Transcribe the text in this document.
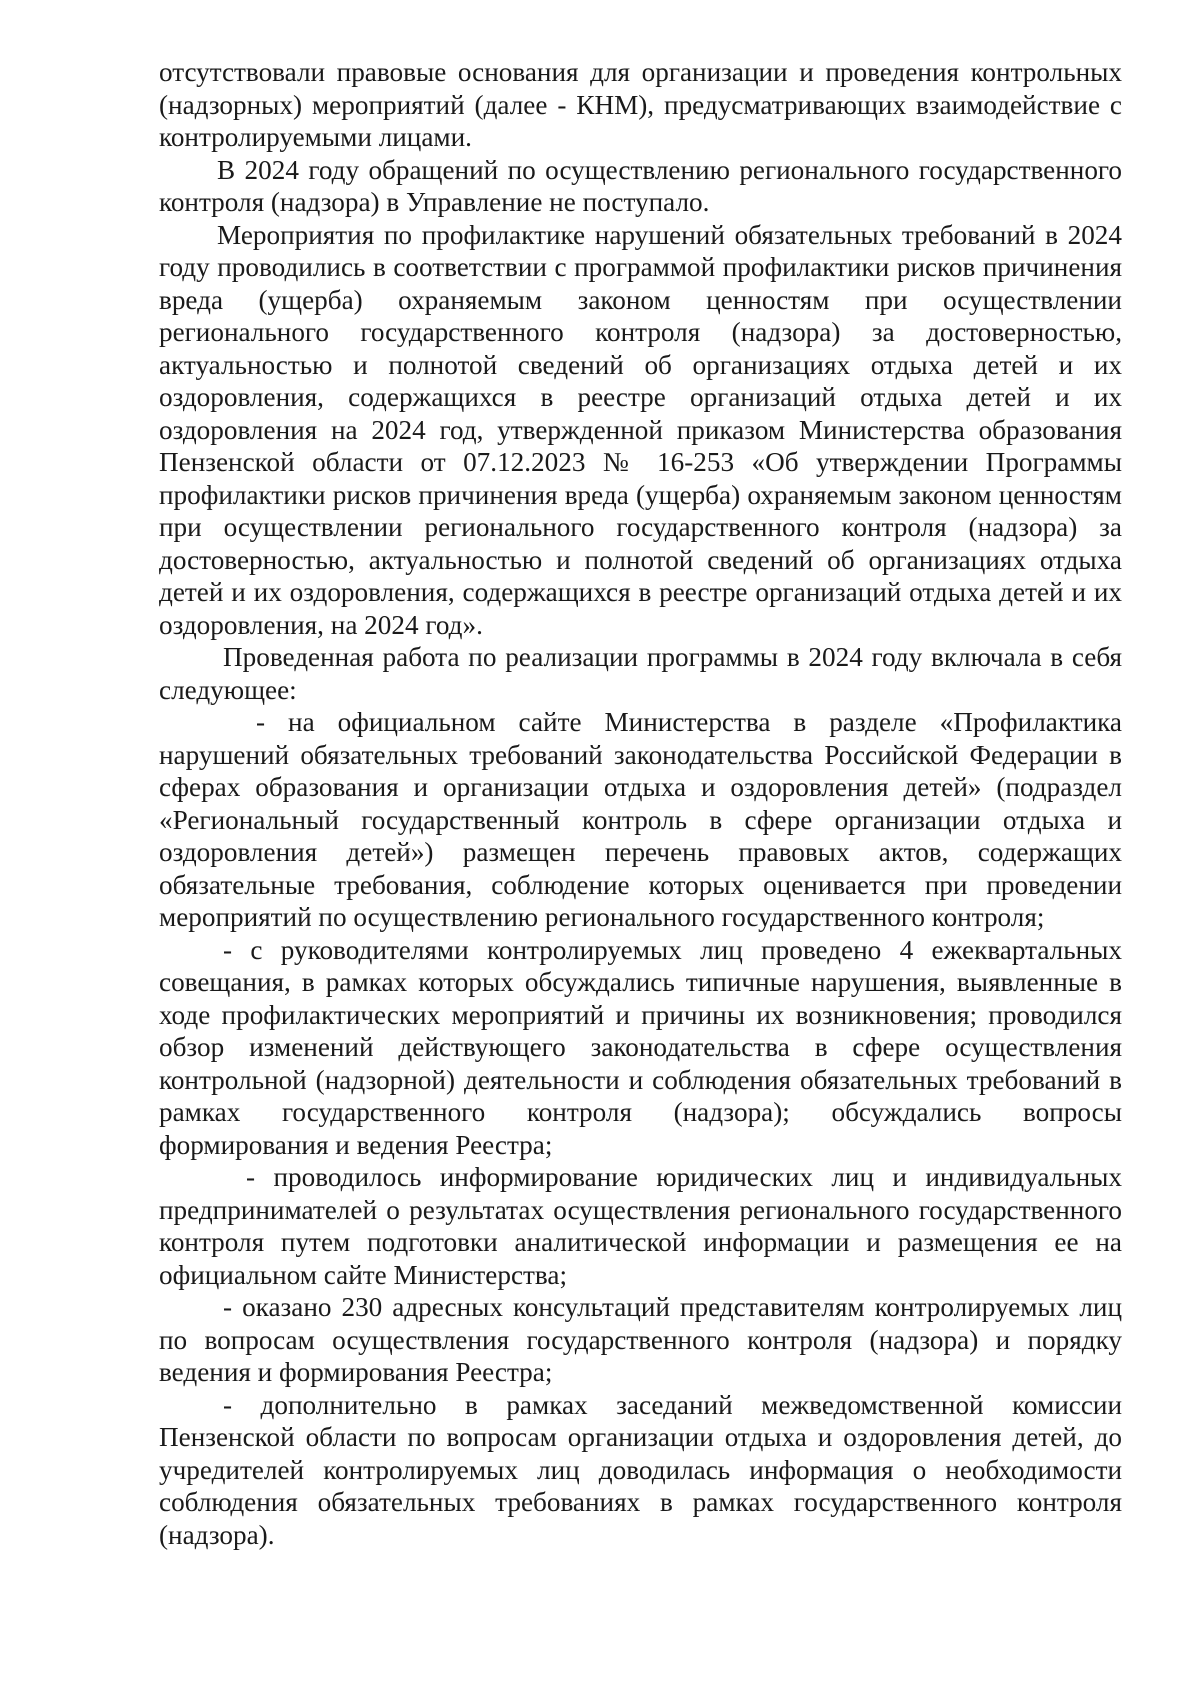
отсутствовали правовые основания для организации и проведения контрольных (надзорных) мероприятий (далее - КНМ), предусматривающих взаимодействие с контролируемыми лицами.

В 2024 году обращений по осуществлению регионального государственного контроля (надзора) в Управление не поступало.

Мероприятия по профилактике нарушений обязательных требований в 2024 году проводились в соответствии с программой профилактики рисков причинения вреда (ущерба) охраняемым законом ценностям при осуществлении регионального государственного контроля (надзора) за достоверностью, актуальностью и полнотой сведений об организациях отдыха детей и их оздоровления, содержащихся в реестре организаций отдыха детей и их оздоровления на 2024 год, утвержденной приказом Министерства образования Пензенской области от 07.12.2023 № 16-253 «Об утверждении Программы профилактики рисков причинения вреда (ущерба) охраняемым законом ценностям при осуществлении регионального государственного контроля (надзора) за достоверностью, актуальностью и полнотой сведений об организациях отдыха детей и их оздоровления, содержащихся в реестре организаций отдыха детей и их оздоровления, на 2024 год».

Проведенная работа по реализации программы в 2024 году включала в себя следующее:

- на официальном сайте Министерства в разделе «Профилактика нарушений обязательных требований законодательства Российской Федерации в сферах образования и организации отдыха и оздоровления детей» (подраздел «Региональный государственный контроль в сфере организации отдыха и оздоровления детей») размещен перечень правовых актов, содержащих обязательные требования, соблюдение которых оценивается при проведении мероприятий по осуществлению регионального государственного контроля;

- с руководителями контролируемых лиц проведено 4 ежеквартальных совещания, в рамках которых обсуждались типичные нарушения, выявленные в ходе профилактических мероприятий и причины их возникновения; проводился обзор изменений действующего законодательства в сфере осуществления контрольной (надзорной) деятельности и соблюдения обязательных требований в рамках государственного контроля (надзора); обсуждались вопросы формирования и ведения Реестра;

- проводилось информирование юридических лиц и индивидуальных предпринимателей о результатах осуществления регионального государственного контроля путем подготовки аналитической информации и размещения ее на официальном сайте Министерства;

- оказано 230 адресных консультаций представителям контролируемых лиц по вопросам осуществления государственного контроля (надзора) и порядку ведения и формирования Реестра;

- дополнительно в рамках заседаний межведомственной комиссии Пензенской области по вопросам организации отдыха и оздоровления детей, до учредителей контролируемых лиц доводилась информация о необходимости соблюдения обязательных требованиях в рамках государственного контроля (надзора).
